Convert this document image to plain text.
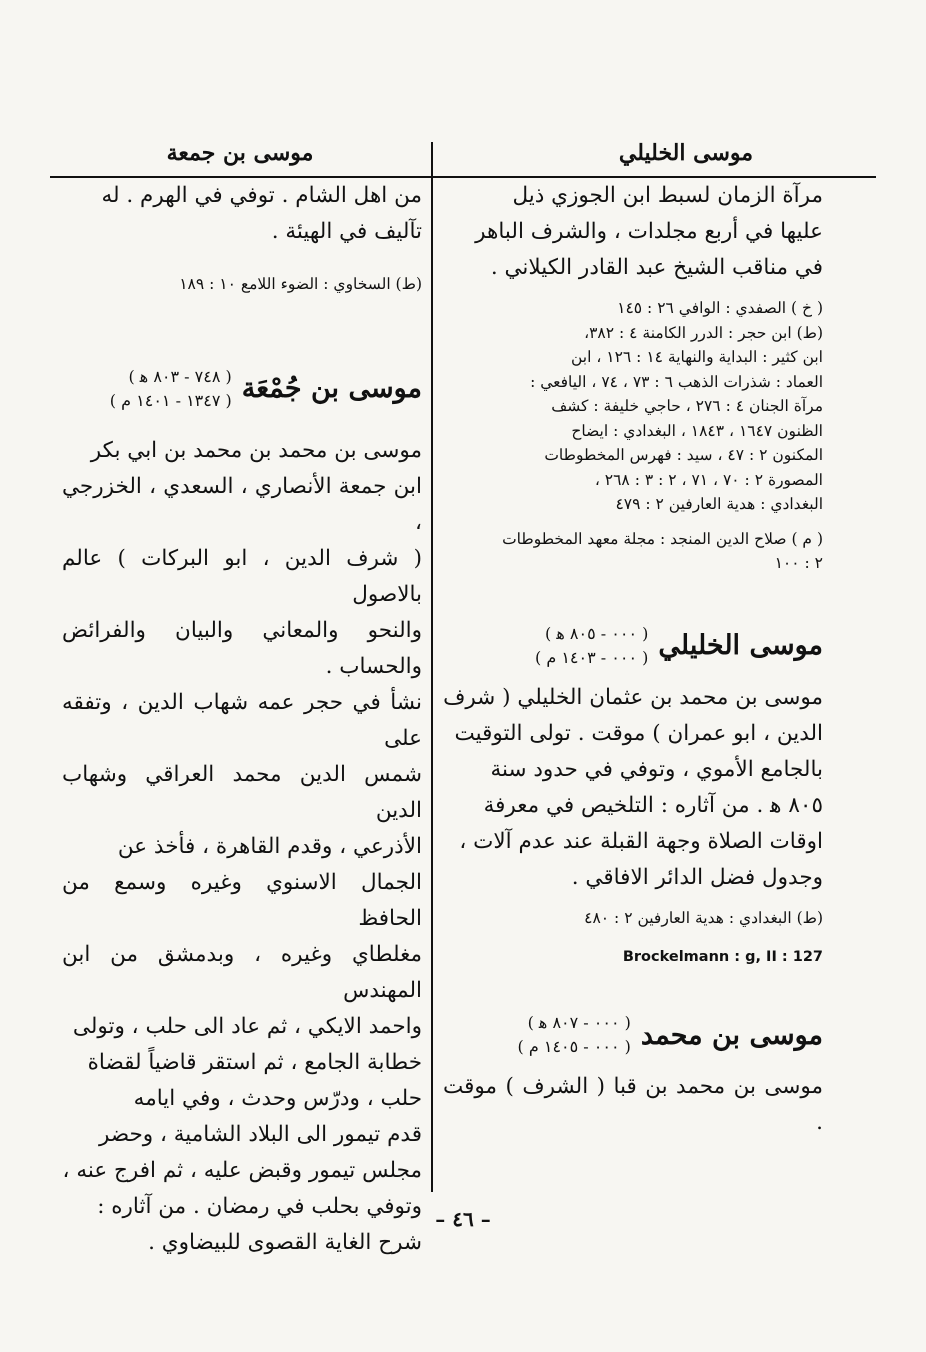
موسى الخليلي
موسى بن جمعة

مرآة الزمان لسبط ابن الجوزي ذيل

عليها في أربع مجلدات ، والشرف الباهر

في مناقب الشيخ عبد القادر الكيلاني .

( خ ) الصفدي : الوافي ٢٦ : ١٤٥

(ط) ابن حجر : الدرر الكامنة ٤ : ٣٨٢،

ابن كثير : البداية والنهاية ١٤ : ١٢٦ ، ابن

العماد : شذرات الذهب ٦ : ٧٣ ، ٧٤ ، اليافعي :

مرآة الجنان ٤ : ٢٧٦ ، حاجي خليفة : كشف

الظنون ١٦٤٧ ، ١٨٤٣ ، البغدادي : ايضاح

المكنون ٢ : ٤٧ ، سيد : فهرس المخطوطات

المصورة ٢ : ٧٠ ، ٧١ ، ٢ : ٣ : ٢٦٨ ،

البغدادي : هدية العارفين ٢ : ٤٧٩

( م ) صلاح الدين المنجد : مجلة معهد المخطوطات

٢ : ١٠٠

موسى الخليلي
( ٠٠٠ - ٨٠٥ ﻫ )
( ٠٠٠ - ١٤٠٣ م )

موسى بن محمد بن عثمان الخليلي ( شرف

الدين ، ابو عمران ) موقت . تولى التوقيت

بالجامع الأموي ، وتوفي في حدود سنة

٨٠٥ ﻫ . من آثاره : التلخيص في معرفة

اوقات الصلاة وجهة القبلة عند عدم آلات ،

وجدول فضل الدائر الافاقي .

(ط) البغدادي : هدية العارفين ٢ : ٤٨٠

Brockelmann : g, II : 127

موسى بن محمد
( ٠٠٠ - ٨٠٧ ﻫ )
( ٠٠٠ - ١٤٠٥ م )

موسى بن محمد بن قبا ( الشرف ) موقت .

من اهل الشام . توفي في الهرم . له

تآليف في الهيئة .

(ط) السخاوي : الضوء اللامع ١٠ : ١٨٩

موسى بن جُمْعَة
( ٧٤٨ - ٨٠٣ ﻫ )
( ١٣٤٧ - ١٤٠١ م )

موسى بن محمد بن محمد بن ابي بكر

ابن جمعة الأنصاري ، السعدي ، الخزرجي ،

( شرف الدين ، ابو البركات ) عالم بالاصول

والنحو والمعاني والبيان والفرائض والحساب .

نشأ في حجر عمه شهاب الدين ، وتفقه على

شمس الدين محمد العراقي وشهاب الدين

الأذرعي ، وقدم القاهرة ، فأخذ عن

الجمال الاسنوي وغيره وسمع من الحافظ

مغلطاي وغيره ، وبدمشق من ابن المهندس

واحمد الايكي ، ثم عاد الى حلب ، وتولى

خطابة الجامع ، ثم استقر قاضياً لقضاة

حلب ، ودرّس وحدث ، وفي ايامه

قدم تيمور الى البلاد الشامية ، وحضر

مجلس تيمور وقبض عليه ، ثم افرج عنه ،

وتوفي بحلب في رمضان . من آثاره :

شرح الغاية القصوى للبيضاوي .

– ٤٦ –
